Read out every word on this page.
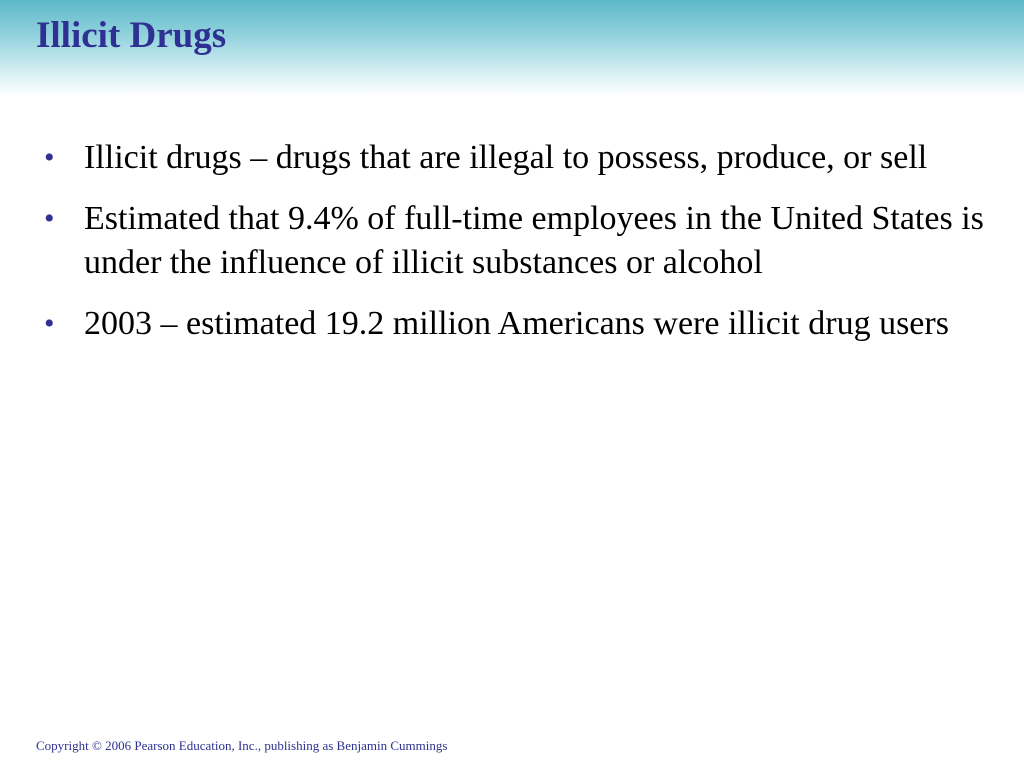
Illicit Drugs
• Illicit drugs – drugs that are illegal to possess, produce, or sell
• Estimated that 9.4% of full-time employees in the United States is under the influence of illicit substances or alcohol
• 2003 – estimated 19.2 million Americans were illicit drug users
Copyright © 2006 Pearson Education, Inc., publishing as Benjamin Cummings
